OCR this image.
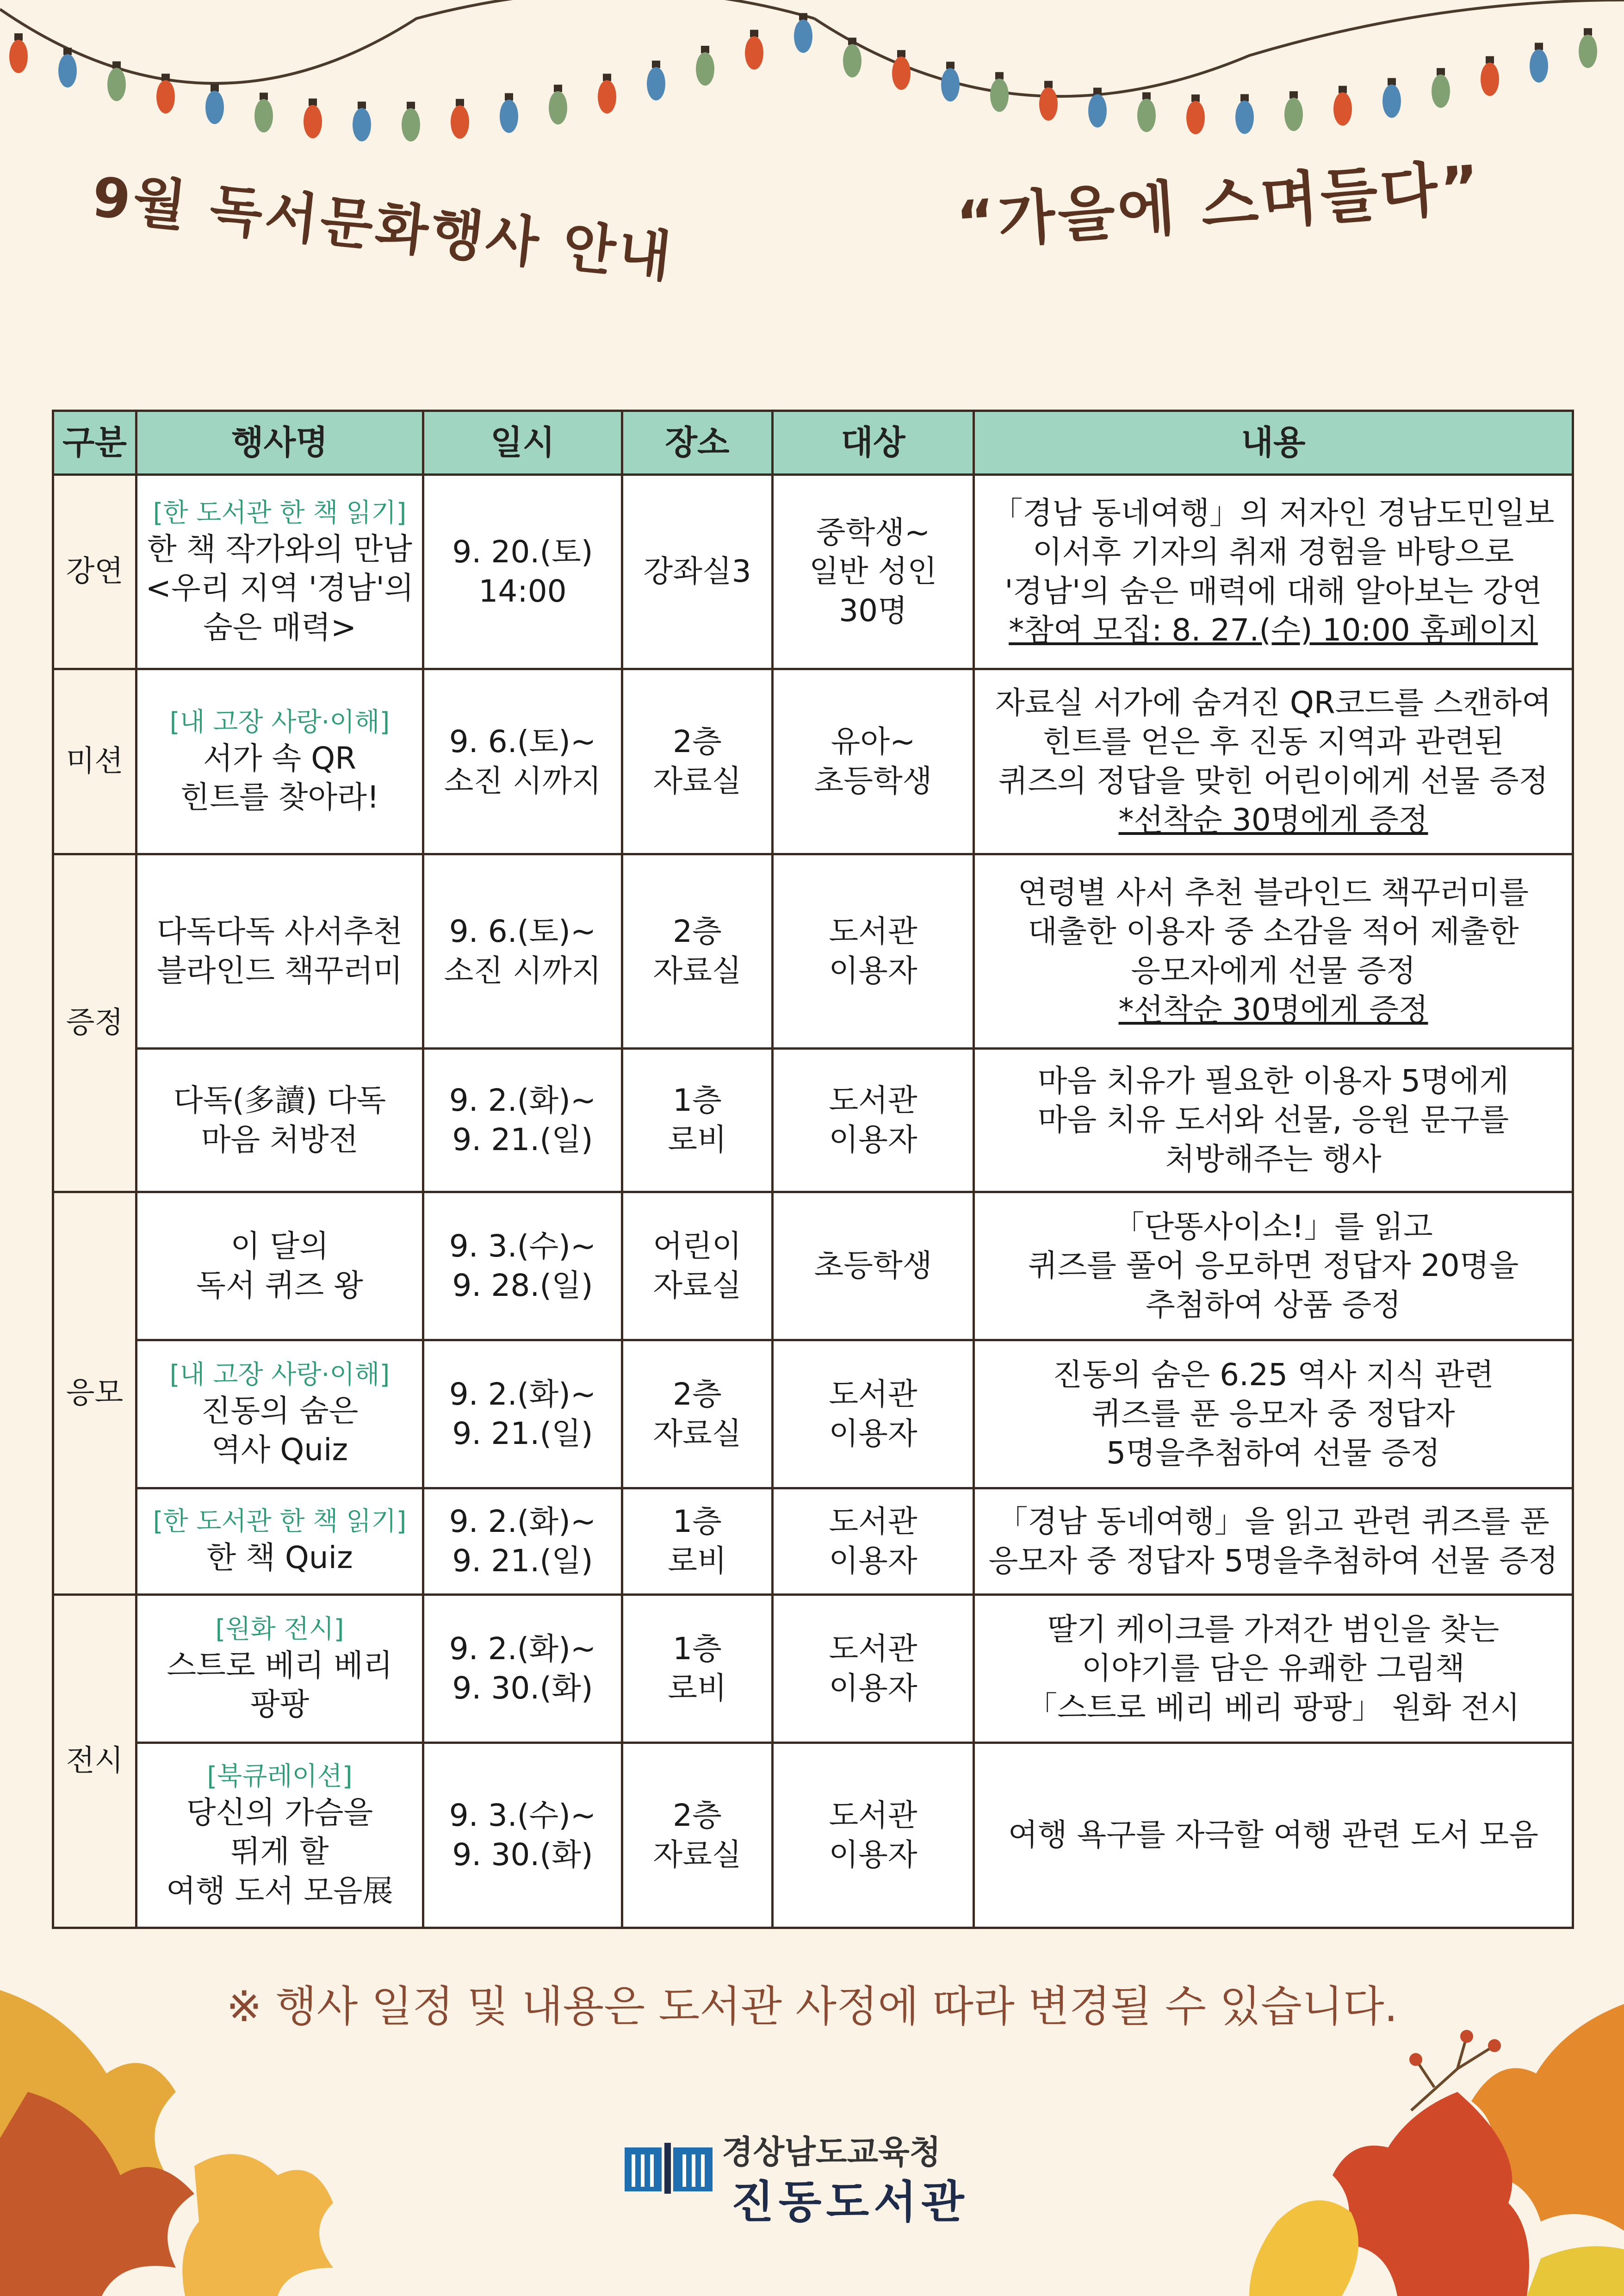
9월 독서문화행사 안내	“가을에 스며들다”
구분	행사명	일시	장소	대상	내용
강연	[한 도서관 한 책 읽기]
한 책 작가와의 만남
<우리 지역 '경남'의
숨은 매력>	9. 20.(토)
14:00	강좌실3	중학생~
일반 성인
30명	「경남 동네여행」의 저자인 경남도민일보
이서후 기자의 취재 경험을 바탕으로
'경남'의 숨은 매력에 대해 알아보는 강연
*참여 모집: 8. 27.(수) 10:00 홈페이지

미션	[내 고장 사랑·이해]
서가 속 QR
힌트를 찾아라!	9. 6.(토)~
소진 시까지	2층
자료실	유아~
초등학생	자료실 서가에 숨겨진 QR코드를 스캔하여
힌트를 얻은 후 진동 지역과 관련된
퀴즈의 정답을 맞힌 어린이에게 선물 증정
*선착순 30명에게 증정

증정	다독다독 사서추천
블라인드 책꾸러미	9. 6.(토)~
소진 시까지	2층
자료실	도서관
이용자	연령별 사서 추천 블라인드 책꾸러미를
대출한 이용자 중 소감을 적어 제출한
응모자에게 선물 증정
*선착순 30명에게 증정

	다독(多讀) 다독
마음 처방전	9. 2.(화)~
9. 21.(일)	1층
로비	도서관
이용자	마음 치유가 필요한 이용자 5명에게
마음 치유 도서와 선물, 응원 문구를
처방해주는 행사

응모	이 달의
독서 퀴즈 왕	9. 3.(수)~
9. 28.(일)	어린이
자료실	초등학생	「단똥사이소!」를 읽고
퀴즈를 풀어 응모하면 정답자 20명을
추첨하여 상품 증정

	[내 고장 사랑·이해]
진동의 숨은
역사 Quiz	9. 2.(화)~
9. 21.(일)	2층
자료실	도서관
이용자	진동의 숨은 6.25 역사 지식 관련
퀴즈를 푼 응모자 중 정답자
5명을추첨하여 선물 증정

	[한 도서관 한 책 읽기]
한 책 Quiz	9. 2.(화)~
9. 21.(일)	1층
로비	도서관
이용자	「경남 동네여행」을 읽고 관련 퀴즈를 푼
응모자 중 정답자 5명을추첨하여 선물 증정

전시	[원화 전시]
스트로 베리 베리
팡팡	9. 2.(화)~
9. 30.(화)	1층
로비	도서관
이용자	딸기 케이크를 가져간 범인을 찾는
이야기를 담은 유쾌한 그림책
「스트로 베리 베리 팡팡」 원화 전시

	[북큐레이션]
당신의 가슴을
뛰게 할
여행 도서 모음展	9. 3.(수)~
9. 30.(화)	2층
자료실	도서관
이용자	여행 욕구를 자극할 여행 관련 도서 모음
※ 행사 일정 및 내용은 도서관 사정에 따라 변경될 수 있습니다.
경상남도교육청
진동도서관
